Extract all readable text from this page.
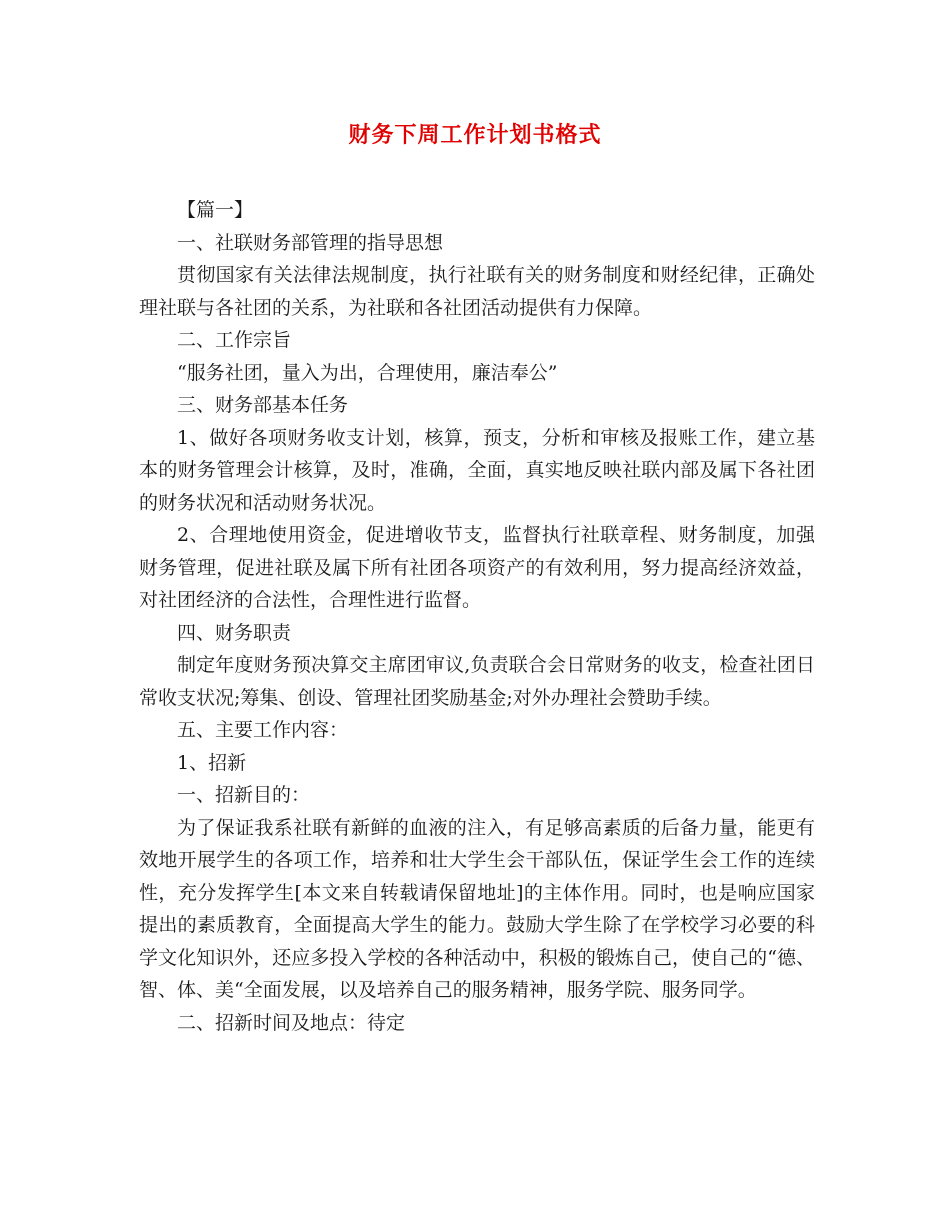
财务下周工作计划书格式

【篇一】

一、社联财务部管理的指导思想

贯彻国家有关法律法规制度，执行社联有关的财务制度和财经纪律，正确处理社联与各社团的关系，为社联和各社团活动提供有力保障。

二、工作宗旨

“服务社团，量入为出，合理使用，廉洁奉公”

三、财务部基本任务

1、做好各项财务收支计划，核算，预支，分析和审核及报账工作，建立基本的财务管理会计核算，及时，准确，全面，真实地反映社联内部及属下各社团的财务状况和活动财务状况。

2、合理地使用资金，促进增收节支，监督执行社联章程、财务制度，加强财务管理，促进社联及属下所有社团各项资产的有效利用，努力提高经济效益，对社团经济的合法性，合理性进行监督。

四、财务职责

制定年度财务预决算交主席团审议,负责联合会日常财务的收支，检查社团日常收支状况;筹集、创设、管理社团奖励基金;对外办理社会赞助手续。

五、主要工作内容：

1、招新

一、招新目的：

为了保证我系社联有新鲜的血液的注入，有足够高素质的后备力量，能更有效地开展学生的各项工作，培养和壮大学生会干部队伍，保证学生会工作的连续性，充分发挥学生[本文来自转载请保留地址]的主体作用。同时，也是响应国家提出的素质教育，全面提高大学生的能力。鼓励大学生除了在学校学习必要的科学文化知识外，还应多投入学校的各种活动中，积极的锻炼自己，使自己的“德、智、体、美“全面发展，以及培养自己的服务精神，服务学院、服务同学。

二、招新时间及地点：待定
